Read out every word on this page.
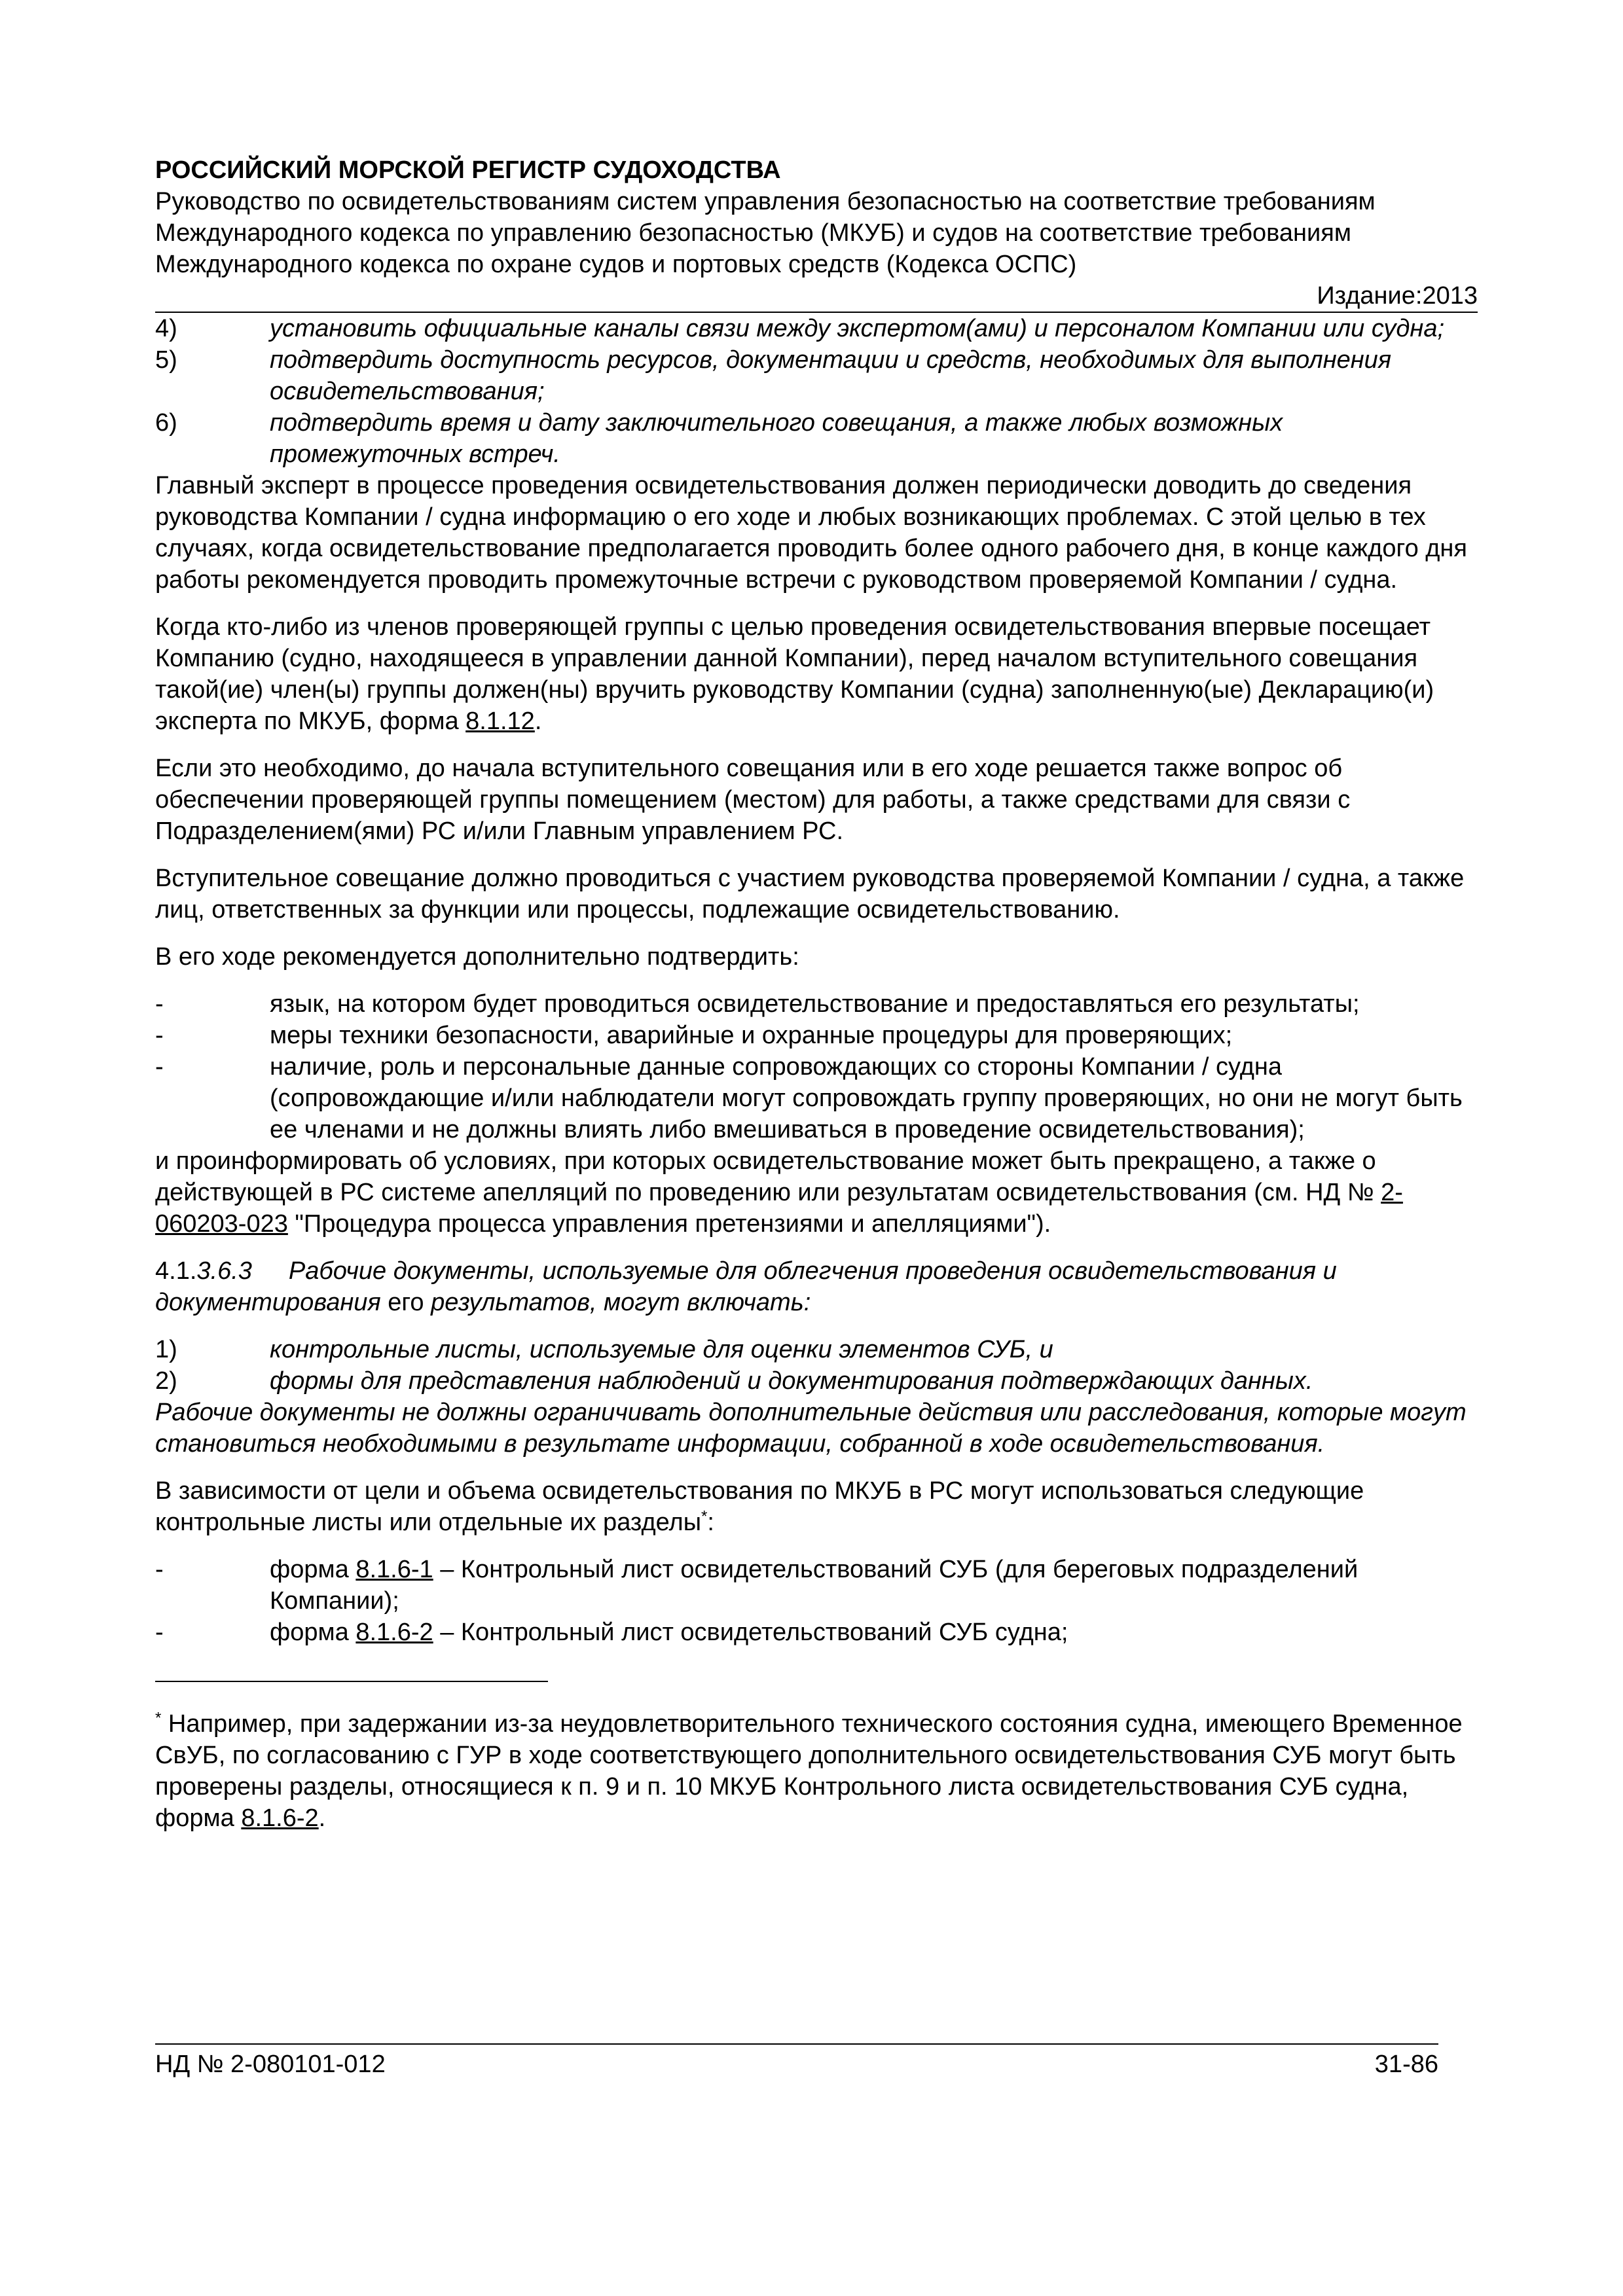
РОССИЙСКИЙ МОРСКОЙ РЕГИСТР СУДОХОДСТВА
Руководство по освидетельствованиям систем управления безопасностью на соответствие требованиям Международного кодекса по управлению безопасностью (МКУБ) и судов на соответствие требованиям Международного кодекса по охране судов и портовых средств (Кодекса ОСПС)
Издание:2013
4)	установить официальные каналы связи между экспертом(ами) и персоналом Компании или судна;
5)	подтвердить доступность ресурсов, документации и средств, необходимых для выполнения освидетельствования;
6)	подтвердить время и дату заключительного совещания, а также любых возможных промежуточных встреч.

Главный эксперт в процессе проведения освидетельствования должен периодически доводить до сведения руководства Компании / судна информацию о его ходе и любых возникающих проблемах. С этой целью в тех случаях, когда освидетельствование предполагается проводить более одного рабочего дня, в конце каждого дня работы рекомендуется проводить промежуточные встречи с руководством проверяемой Компании / судна.

Когда кто-либо из членов проверяющей группы с целью проведения освидетельствования впервые посещает Компанию (судно, находящееся в управлении данной Компании), перед началом вступительного совещания такой(ие) член(ы) группы должен(ны) вручить руководству Компании (судна) заполненную(ые) Декларацию(и) эксперта по МКУБ, форма 8.1.12.

Если это необходимо, до начала вступительного совещания или в его ходе решается также вопрос об обеспечении проверяющей группы помещением (местом) для работы, а также средствами для связи с Подразделением(ями) РС и/или Главным управлением РС.

Вступительное совещание должно проводиться с участием руководства проверяемой Компании / судна, а также лиц, ответственных за функции или процессы, подлежащие освидетельствованию.

В его ходе рекомендуется дополнительно подтвердить:

-	язык, на котором будет проводиться освидетельствование и предоставляться его результаты;
-	меры техники безопасности, аварийные и охранные процедуры для проверяющих;
-	наличие, роль и персональные данные сопровождающих со стороны Компании / судна (сопровождающие и/или наблюдатели могут сопровождать группу проверяющих, но они не могут быть ее членами и не должны влиять либо вмешиваться в проведение освидетельствования);

и проинформировать об условиях, при которых освидетельствование может быть прекращено, а также о действующей в РС системе апелляций по проведению или результатам освидетельствования (см. НД № 2-060203-023 "Процедура процесса управления претензиями и апелляциями").

4.1.3.6.3 Рабочие документы, используемые для облегчения проведения освидетельствования и документирования его результатов, могут включать:

1)	контрольные листы, используемые для оценки элементов СУБ, и
2)	формы для представления наблюдений и документирования подтверждающих данных.

Рабочие документы не должны ограничивать дополнительные действия или расследования, которые могут становиться необходимыми в результате информации, собранной в ходе освидетельствования.

В зависимости от цели и объема освидетельствования по МКУБ в РС могут использоваться следующие контрольные листы или отдельные их разделы*:

-	форма 8.1.6-1 – Контрольный лист освидетельствований СУБ (для береговых подразделений Компании);
-	форма 8.1.6-2 – Контрольный лист освидетельствований СУБ судна;

* Например, при задержании из-за неудовлетворительного технического состояния судна, имеющего Временное СвУБ, по согласованию с ГУР в ходе соответствующего дополнительного освидетельствования СУБ могут быть проверены разделы, относящиеся к п. 9 и п. 10 МКУБ Контрольного листа освидетельствования СУБ судна, форма 8.1.6-2.

НД № 2-080101-012	31-86
